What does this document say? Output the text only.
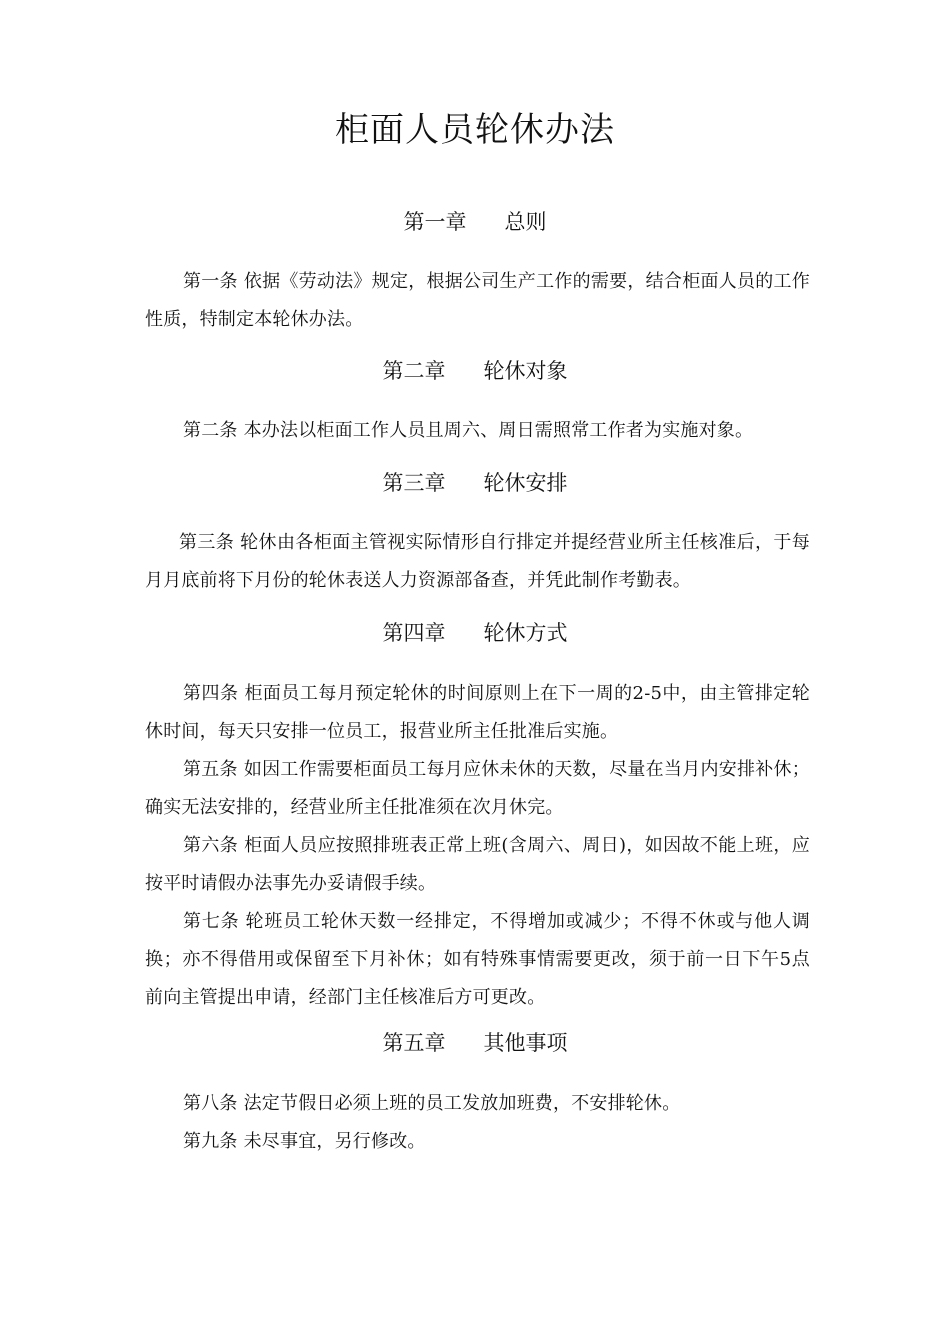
柜面人员轮休办法
第一章 总则
第一条 依据《劳动法》规定，根据公司生产工作的需要，结合柜面人员的工作性质，特制定本轮休办法。
第二章 轮休对象
第二条 本办法以柜面工作人员且周六、周日需照常工作者为实施对象。
第三章 轮休安排
第三条 轮休由各柜面主管视实际情形自行排定并提经营业所主任核准后，于每月月底前将下月份的轮休表送人力资源部备查，并凭此制作考勤表。
第四章 轮休方式
第四条 柜面员工每月预定轮休的时间原则上在下一周的2-5中，由主管排定轮休时间，每天只安排一位员工，报营业所主任批准后实施。
第五条 如因工作需要柜面员工每月应休未休的天数，尽量在当月内安排补休；确实无法安排的，经营业所主任批准须在次月休完。
第六条 柜面人员应按照排班表正常上班(含周六、周日)，如因故不能上班，应按平时请假办法事先办妥请假手续。
第七条 轮班员工轮休天数一经排定，不得增加或减少；不得不休或与他人调换；亦不得借用或保留至下月补休；如有特殊事情需要更改，须于前一日下午5点前向主管提出申请，经部门主任核准后方可更改。
第五章 其他事项
第八条 法定节假日必须上班的员工发放加班费，不安排轮休。
第九条 未尽事宜，另行修改。
